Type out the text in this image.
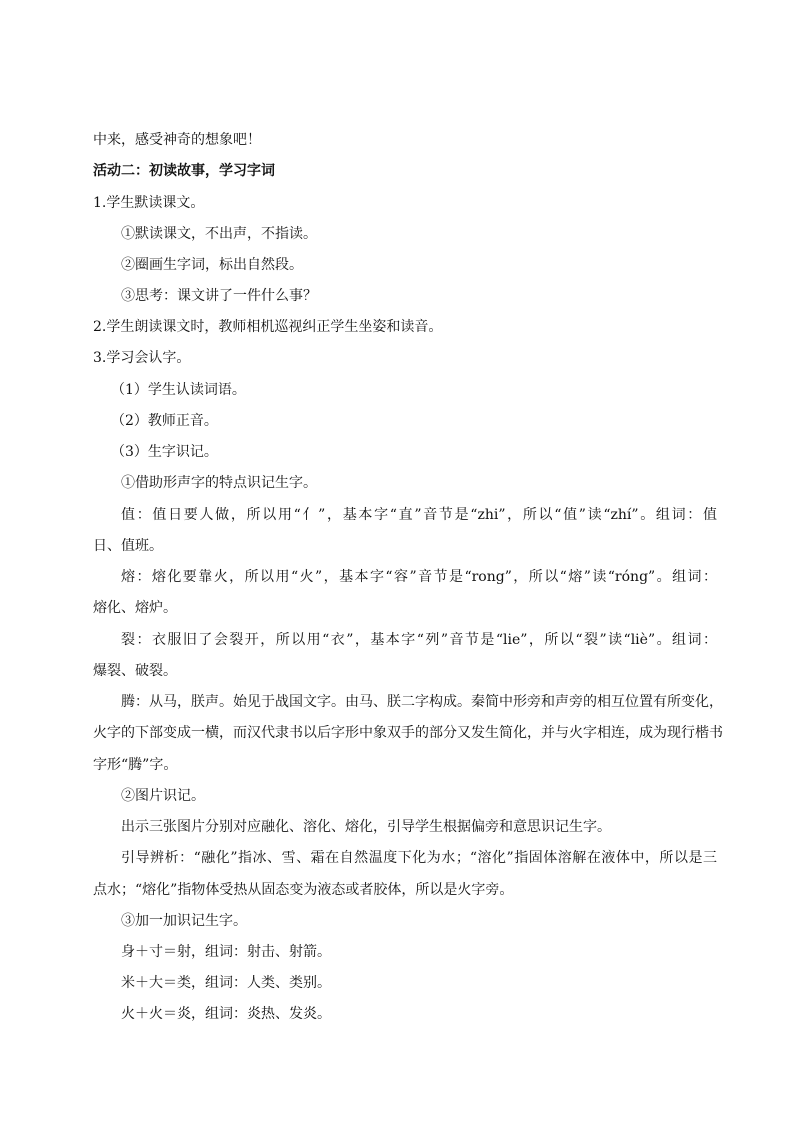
中来，感受神奇的想象吧！
活动二：初读故事，学习字词
1.学生默读课文。
①默读课文，不出声，不指读。
②圈画生字词，标出自然段。
③思考：课文讲了一件什么事？
2.学生朗读课文时，教师相机巡视纠正学生坐姿和读音。
3.学习会认字。
（1）学生认读词语。
（2）教师正音。
（3）生字识记。
①借助形声字的特点识记生字。
值：值日要人做，所以用“亻”，基本字“直”音节是“zhi”，所以“值”读“zhí”。组词：值
日、值班。
熔：熔化要靠火，所以用“火”，基本字“容”音节是“rong”，所以“熔”读“róng”。组词：
熔化、熔炉。
裂：衣服旧了会裂开，所以用“衣”，基本字“列”音节是“lie”，所以“裂”读“liè”。组词：
爆裂、破裂。
腾：从马，朕声。始见于战国文字。由马、朕二字构成。秦简中形旁和声旁的相互位置有所变化，
火字的下部变成一横，而汉代隶书以后字形中象双手的部分又发生简化，并与火字相连，成为现行楷书
字形“腾”字。
②图片识记。
出示三张图片分别对应融化、溶化、熔化，引导学生根据偏旁和意思识记生字。
引导辨析：“融化”指冰、雪、霜在自然温度下化为水；“溶化”指固体溶解在液体中，所以是三
点水；“熔化”指物体受热从固态变为液态或者胶体，所以是火字旁。
③加一加识记生字。
身＋寸＝射，组词：射击、射箭。
米＋大＝类，组词：人类、类别。
火＋火＝炎，组词：炎热、发炎。
